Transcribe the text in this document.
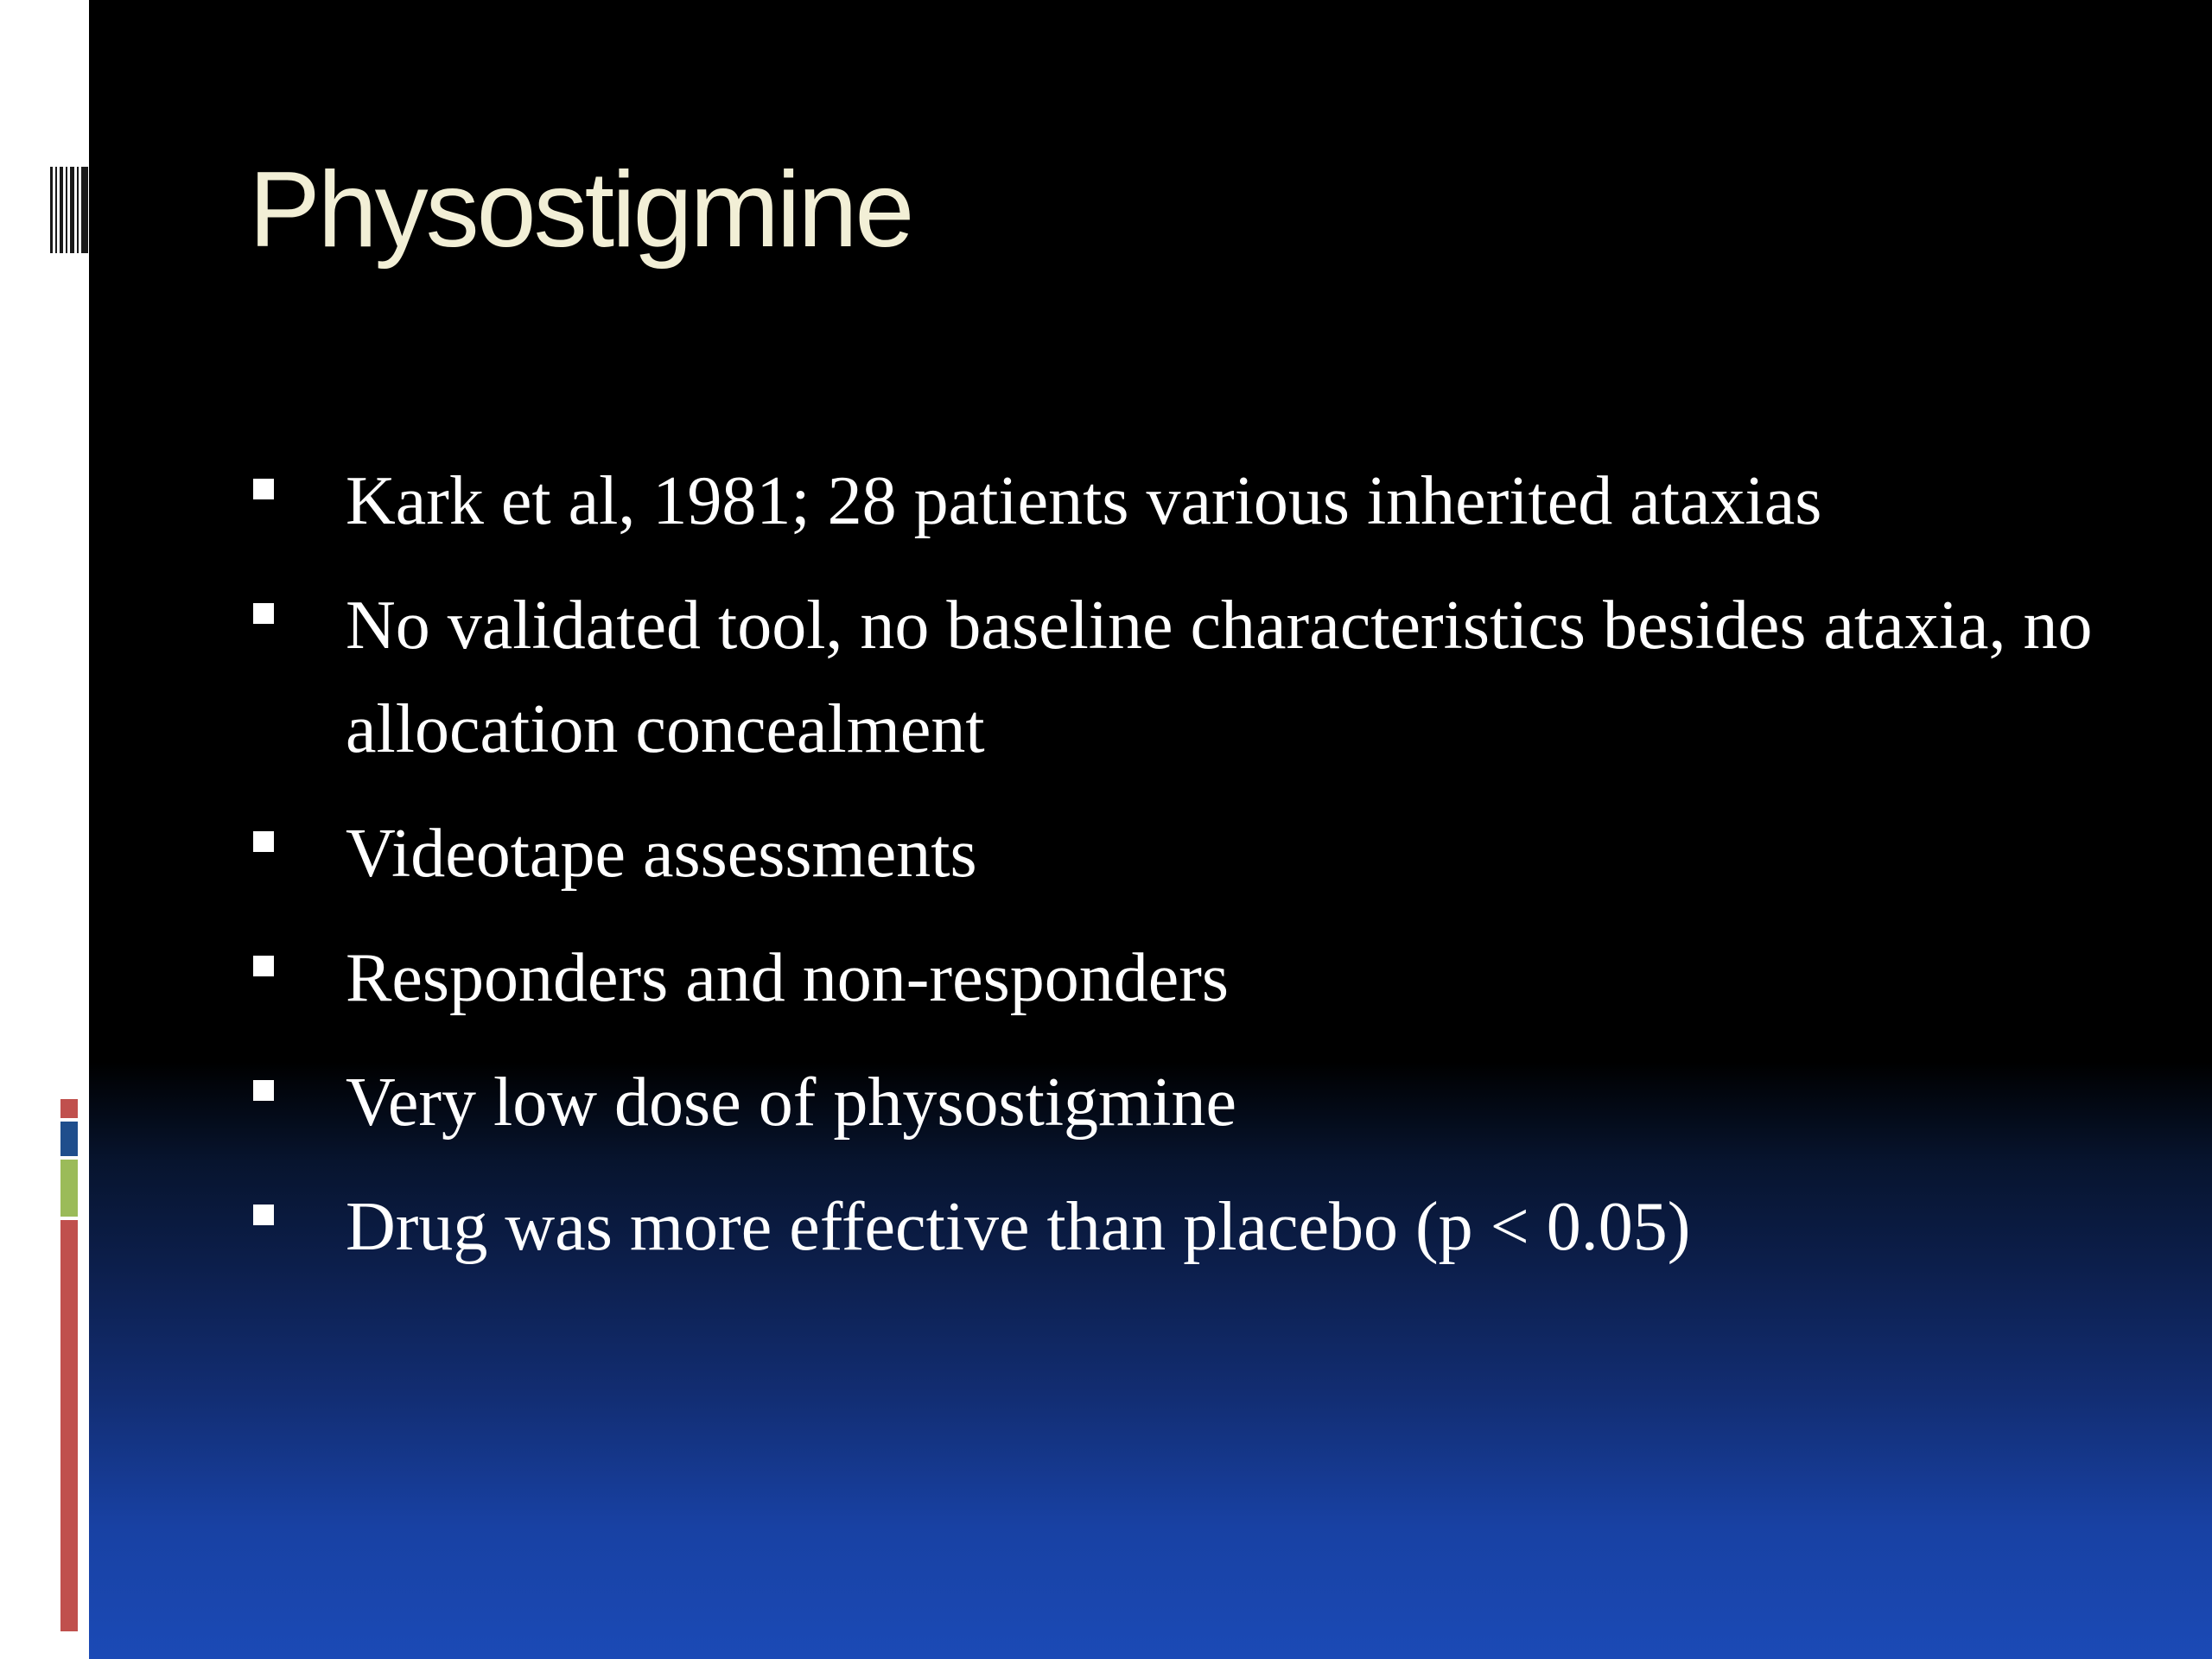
Physostigmine
Kark et al, 1981; 28 patients various inherited ataxias
No validated tool, no baseline characteristics besides ataxia, no allocation concealment
Videotape assessments
Responders and non-responders
Very low dose of physostigmine
Drug was more effective than placebo (p < 0.05)
